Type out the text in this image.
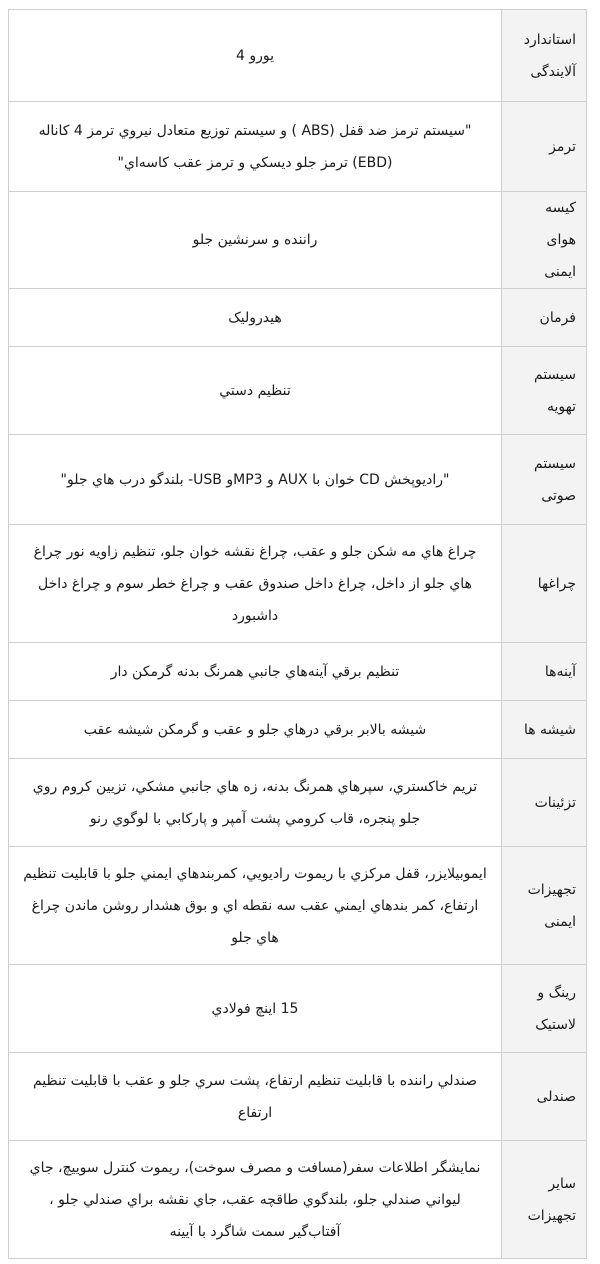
استاندارد آلایندگی	يورو 4
ترمز	"سيستم ترمز ضد قفل (ABS ) و سيستم توزيع متعادل نيروي ترمز 4 كاناله (EBD) ترمز جلو ديسكي و ترمز عقب كاسه‌اي"
کیسه هوای ایمنی	راننده و سرنشين جلو
فرمان	هيدروليک
سیستم تهویه	تنظيم دستي
سیستم صوتی	"راديوپخش CD خوان با AUX و MP3و USB- بلندگو درب هاي جلو"
چراغها	چراغ هاي مه شكن جلو و عقب، چراغ نقشه خوان جلو، تنظيم زاويه نور چراغ هاي جلو از داخل، چراغ داخل صندوق عقب و چراغ خطر سوم و چراغ داخل داشبورد
آینه‌ها	تنظيم برقي آينه‌هاي جانبي همرنگ بدنه گرمكن دار
شیشه ها	شيشه بالابر برقي درهاي جلو و عقب و گرمكن شيشه عقب
تزئینات	تريم خاكستري، سپرهاي همرنگ بدنه، زه هاي جانبي مشكي، تزيين كروم روي جلو پنجره، قاب كرومي پشت آمپر و پاركابي با لوگوي رنو
تجهیزات ایمنی	ايموبيلايزر، قفل مركزي با ريموت راديويي، كمربندهاي ايمني جلو با قابليت تنظيم ارتفاع، كمر بندهاي ايمني عقب سه نقطه اي و بوق هشدار روشن ماندن چراغ هاي جلو
رینگ و لاستیک	15 اينچ فولادي
صندلی	صندلي راننده با قابليت تنظيم ارتفاع، پشت سري جلو و عقب با قابليت تنظيم ارتفاع
سایر تجهیزات	نمايشگر اطلاعات سفر(مسافت و مصرف سوخت)، ريموت كنترل سوييچ، جاي ليواني صندلي جلو، بلندگوي طاقچه عقب، جاي نقشه براي صندلي جلو ، آفتاب‌گير سمت شاگرد با آيينه
